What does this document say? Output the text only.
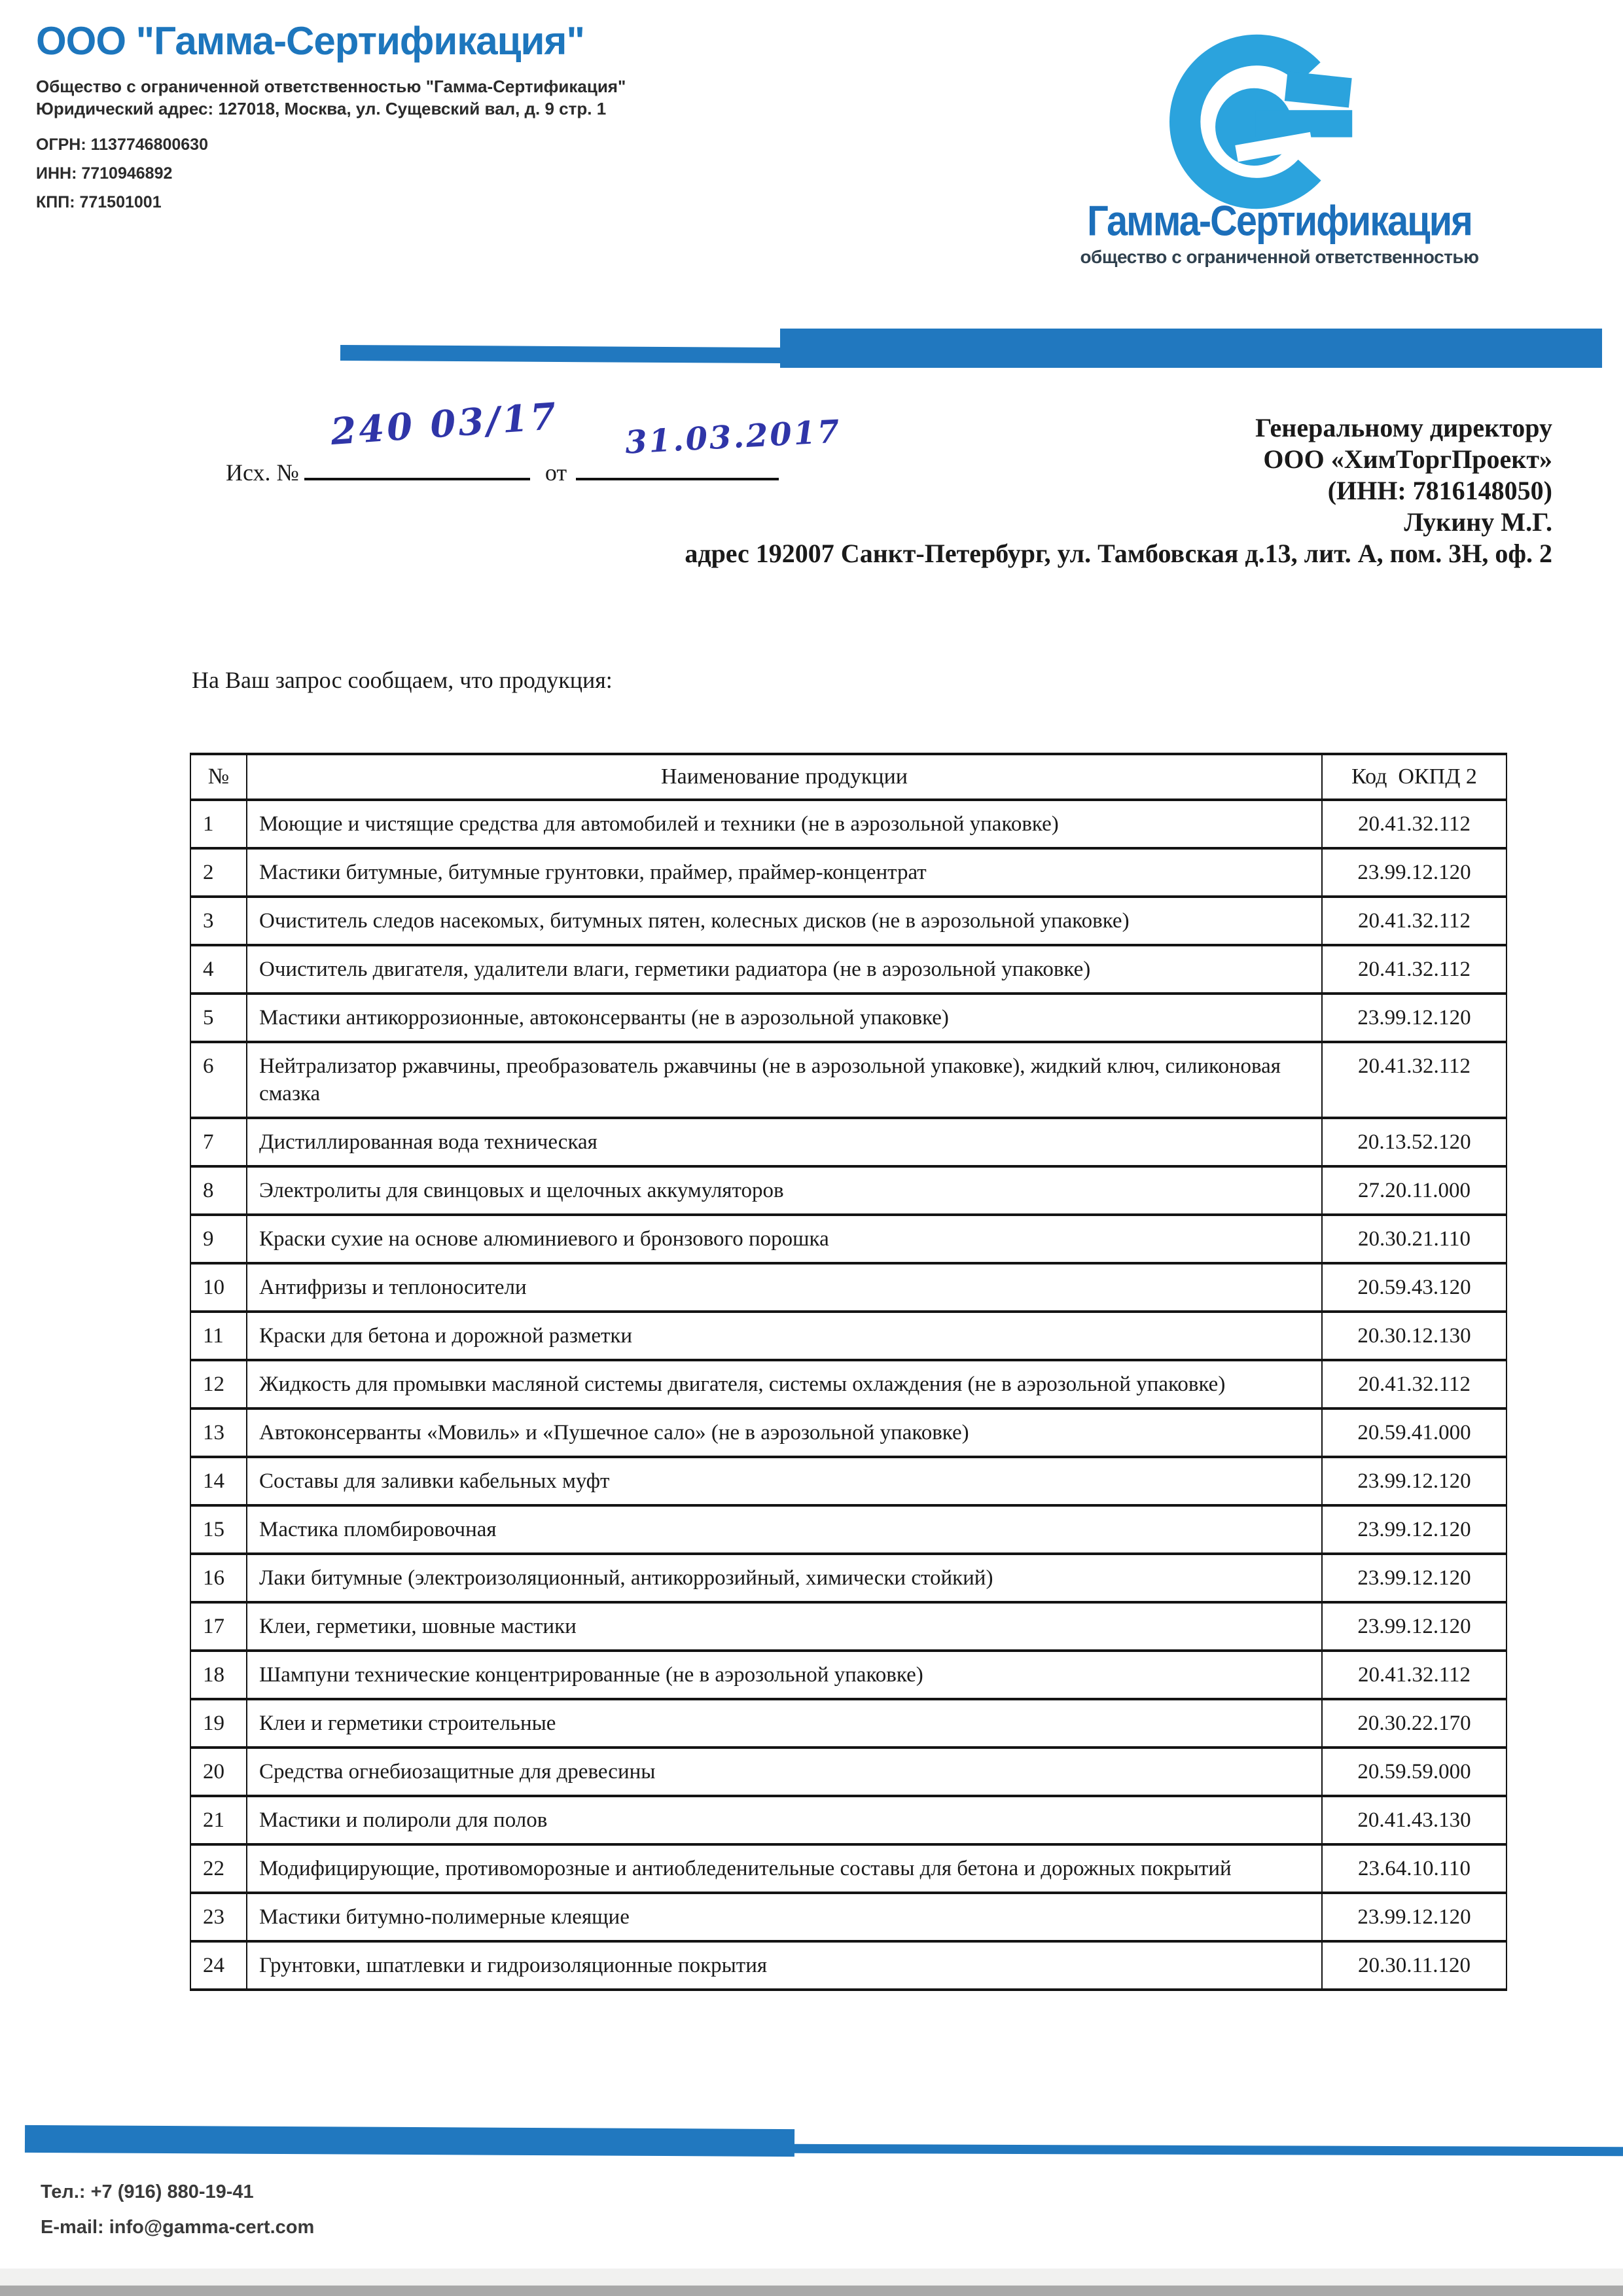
ООО "Гамма-Сертификация"
Общество с ограниченной ответственностью "Гамма-Сертификация"
Юридический адрес: 127018, Москва, ул. Сущевский вал, д. 9 стр. 1
ОГРН: 1137746800630
ИНН: 7710946892
КПП: 771501001	Гамма-Сертификация
общество с ограниченной ответственностью
Исх. №	от
240 03/17 31.03.2017	Генеральному директору
ООО «ХимТоргПроект»
(ИНН: 7816148050)
Лукину М.Г.
адрес 192007 Санкт-Петербург, ул. Тамбовская д.13, лит. А, пом. 3Н, оф. 2
На Ваш запрос сообщаем, что продукция:
№	Наименование продукции	Код  ОКПД 2
1	Моющие и чистящие средства для автомобилей и техники (не в аэрозольной упаковке)	20.41.32.112
2	Мастики битумные, битумные грунтовки, праймер, праймер-концентрат	23.99.12.120
3	Очиститель следов насекомых, битумных пятен, колесных дисков (не в аэрозольной упаковке)	20.41.32.112
4	Очиститель двигателя, удалители влаги, герметики радиатора (не в аэрозольной упаковке)	20.41.32.112
5	Мастики антикоррозионные, автоконсерванты (не в аэрозольной упаковке)	23.99.12.120
6	Нейтрализатор ржавчины, преобразователь ржавчины (не в аэрозольной упаковке), жидкий ключ, силиконовая смазка	20.41.32.112
7	Дистиллированная вода техническая	20.13.52.120
8	Электролиты для свинцовых и щелочных аккумуляторов	27.20.11.000
9	Краски сухие на основе алюминиевого и бронзового порошка	20.30.21.110
10	Антифризы и теплоносители	20.59.43.120
11	Краски для бетона и дорожной разметки	20.30.12.130
12	Жидкость для промывки масляной системы двигателя, системы охлаждения (не в аэрозольной упаковке)	20.41.32.112
13	Автоконсерванты «Мовиль» и «Пушечное сало» (не в аэрозольной упаковке)	20.59.41.000
14	Составы для заливки кабельных муфт	23.99.12.120
15	Мастика пломбировочная	23.99.12.120
16	Лаки битумные (электроизоляционный, антикоррозийный, химически стойкий)	23.99.12.120
17	Клеи, герметики, шовные мастики	23.99.12.120
18	Шампуни технические концентрированные (не в аэрозольной упаковке)	20.41.32.112
19	Клеи и герметики строительные	20.30.22.170
20	Средства огнебиозащитные для древесины	20.59.59.000
21	Мастики и полироли для полов	20.41.43.130
22	Модифицирующие, противоморозные и антиобледенительные составы для бетона и дорожных покрытий	23.64.10.110
23	Мастики битумно-полимерные клеящие	23.99.12.120
24	Грунтовки, шпатлевки и гидроизоляционные покрытия	20.30.11.120
Тел.: +7 (916) 880-19-41
E-mail: info@gamma-cert.com
